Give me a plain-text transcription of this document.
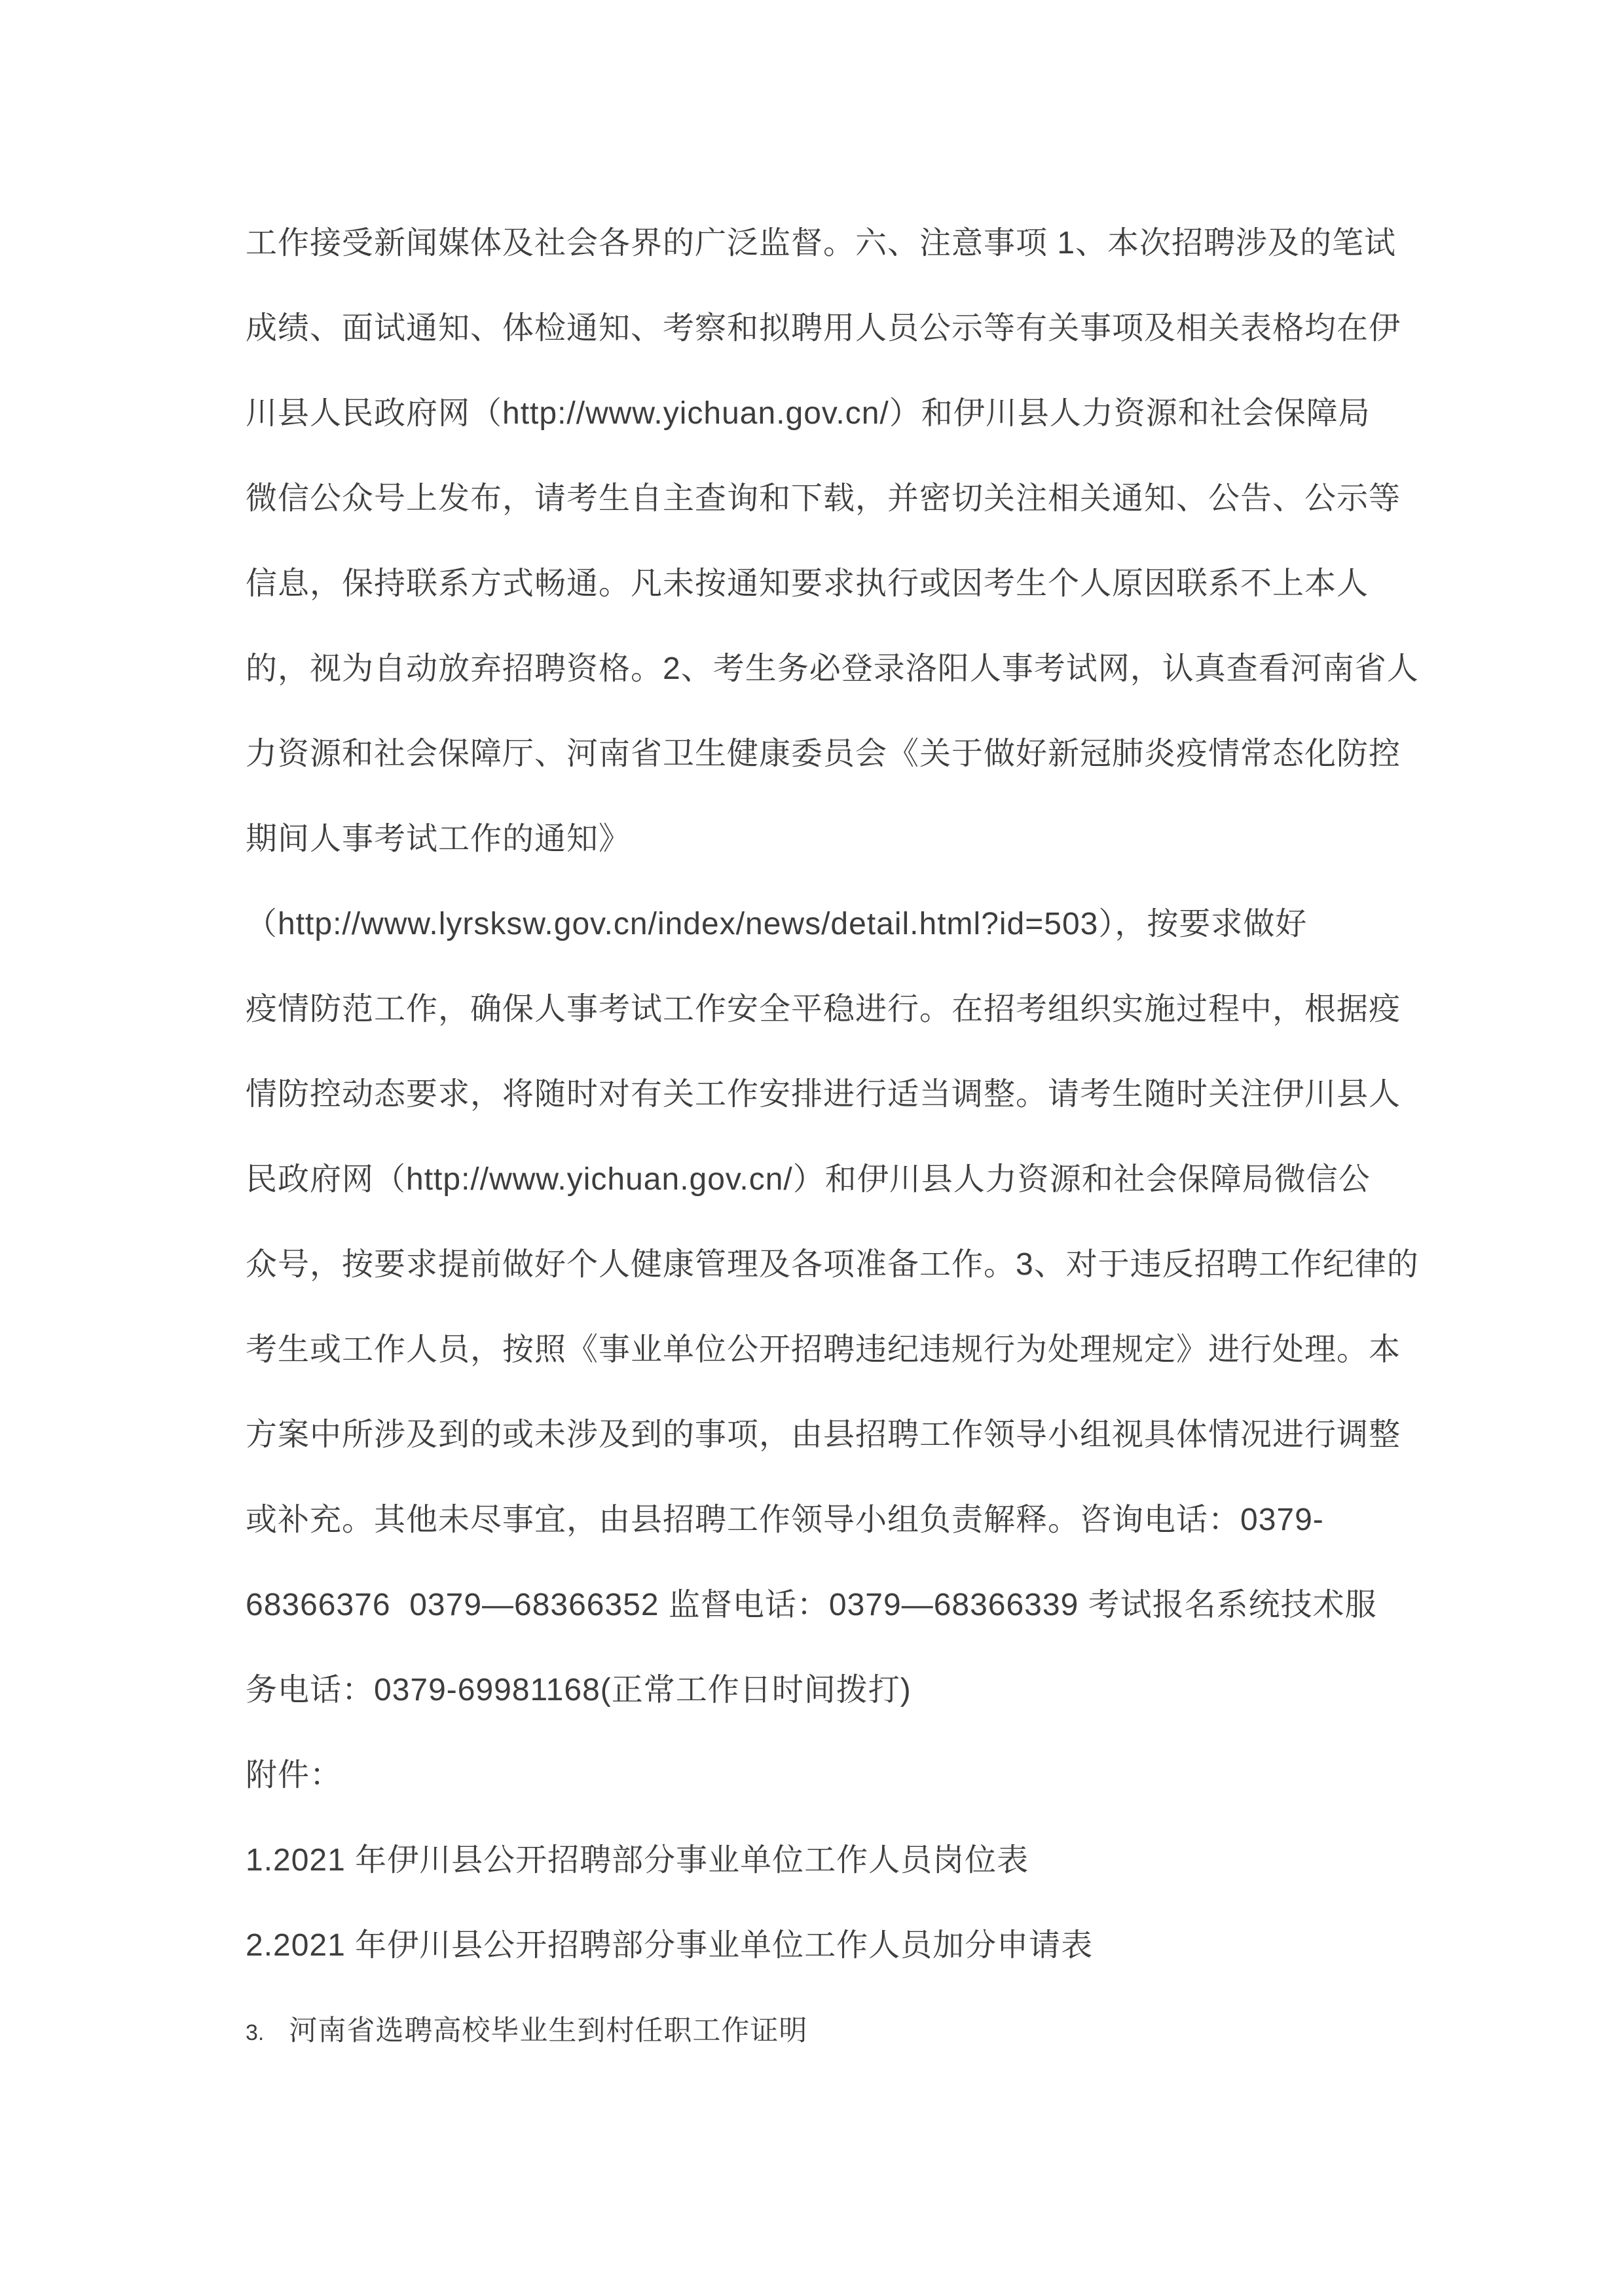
工作接受新闻媒体及社会各界的广泛监督。六、注意事项 1、本次招聘涉及的笔试
成绩、面试通知、体检通知、考察和拟聘用人员公示等有关事项及相关表格均在伊
川县人民政府网（http://www.yichuan.gov.cn/）和伊川县人力资源和社会保障局
微信公众号上发布，请考生自主查询和下载，并密切关注相关通知、公告、公示等
信息，保持联系方式畅通。凡未按通知要求执行或因考生个人原因联系不上本人
的，视为自动放弃招聘资格。2、考生务必登录洛阳人事考试网，认真查看河南省人
力资源和社会保障厅、河南省卫生健康委员会《关于做好新冠肺炎疫情常态化防控
期间人事考试工作的通知》
（http://www.lyrsksw.gov.cn/index/news/detail.html?id=503），按要求做好
疫情防范工作，确保人事考试工作安全平稳进行。在招考组织实施过程中，根据疫
情防控动态要求，将随时对有关工作安排进行适当调整。请考生随时关注伊川县人
民政府网（http://www.yichuan.gov.cn/）和伊川县人力资源和社会保障局微信公
众号，按要求提前做好个人健康管理及各项准备工作。3、对于违反招聘工作纪律的
考生或工作人员，按照《事业单位公开招聘违纪违规行为处理规定》进行处理。本
方案中所涉及到的或未涉及到的事项，由县招聘工作领导小组视具体情况进行调整
或补充。其他未尽事宜，由县招聘工作领导小组负责解释。咨询电话：0379-
68366376  0379—68366352 监督电话：0379—68366339 考试报名系统技术服
务电话：0379-69981168(正常工作日时间拨打)
附件：
1.2021 年伊川县公开招聘部分事业单位工作人员岗位表
2.2021 年伊川县公开招聘部分事业单位工作人员加分申请表
3. 河南省选聘高校毕业生到村任职工作证明
